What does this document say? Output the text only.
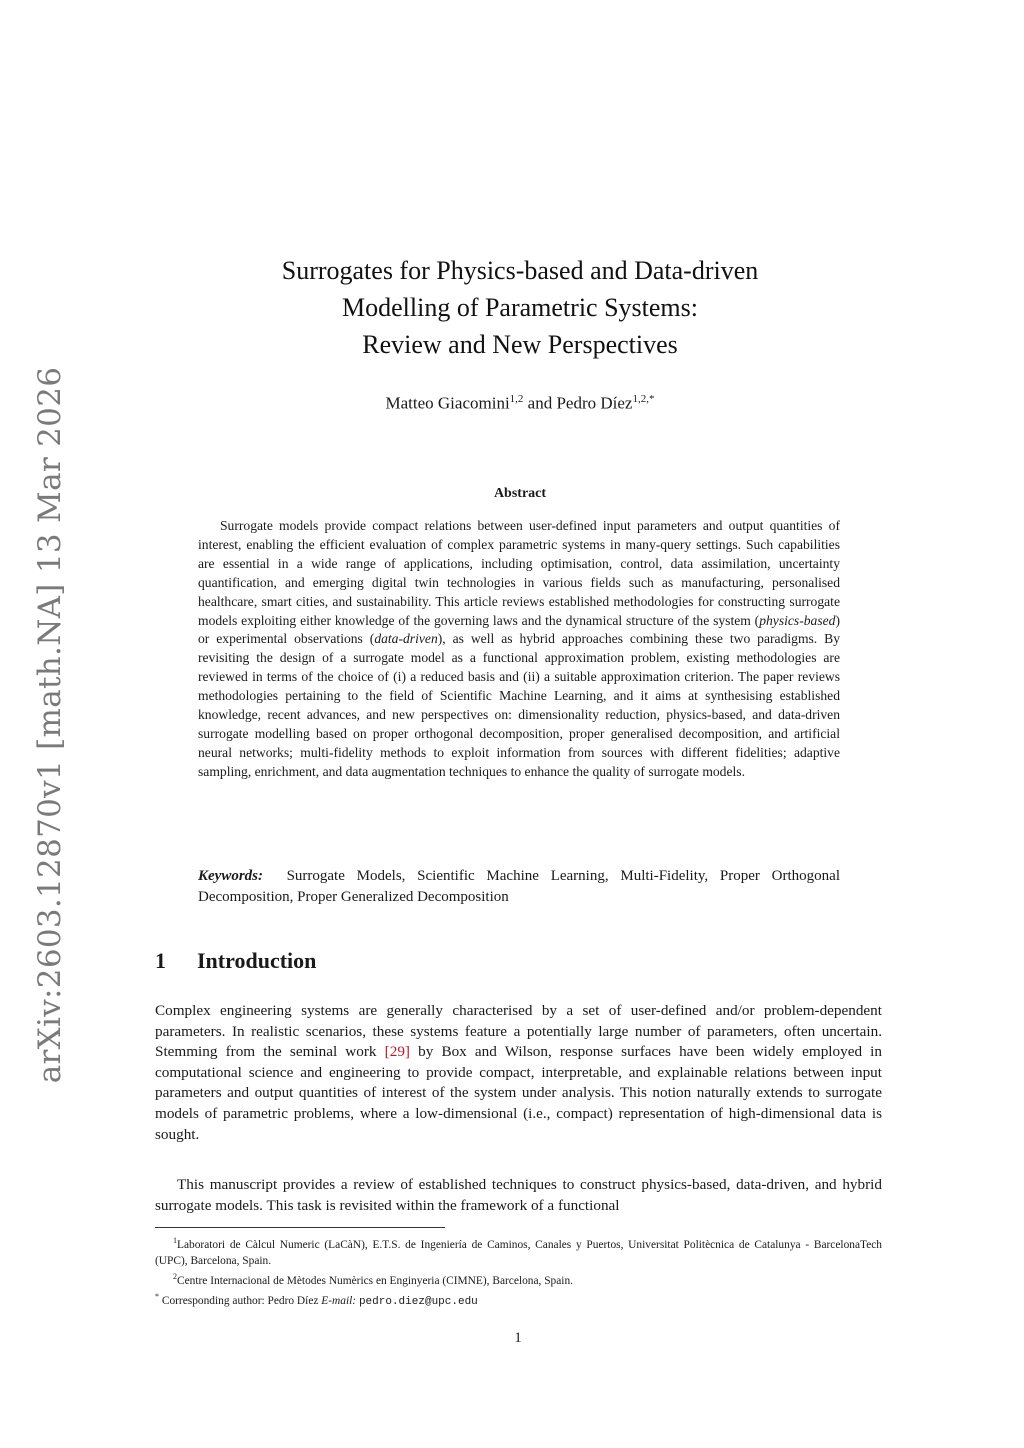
arXiv:2603.12870v1 [math.NA] 13 Mar 2026
Surrogates for Physics-based and Data-driven
Modelling of Parametric Systems:
Review and New Perspectives
Matteo Giacomini$^{1,2}$ and Pedro Díez$^{1,2,*}$
Abstract

Surrogate models provide compact relations between user-defined input parameters and output quantities of interest, enabling the efficient evaluation of complex parametric systems in many-query settings. Such capabilities are essential in a wide range of applications, including optimisation, control, data assimilation, uncertainty quantification, and emerging digital twin technologies in various fields such as manufacturing, personalised healthcare, smart cities, and sustainability. This article reviews established methodologies for constructing surrogate models exploiting either knowledge of the governing laws and the dynamical structure of the system (physics-based) or experimental observations (data-driven), as well as hybrid approaches combining these two paradigms. By revisiting the design of a surrogate model as a functional approximation problem, existing methodologies are reviewed in terms of the choice of (i) a reduced basis and (ii) a suitable approximation criterion. The paper reviews methodologies pertaining to the field of Scientific Machine Learning, and it aims at synthesising established knowledge, recent advances, and new perspectives on: dimensionality reduction, physics-based, and data-driven surrogate modelling based on proper orthogonal decomposition, proper generalised decomposition, and artificial neural networks; multi-fidelity methods to exploit information from sources with different fidelities; adaptive sampling, enrichment, and data augmentation techniques to enhance the quality of surrogate models.

Keywords: Surrogate Models, Scientific Machine Learning, Multi-Fidelity, Proper Orthogonal Decomposition, Proper Generalized Decomposition

1 Introduction

Complex engineering systems are generally characterised by a set of user-defined and/or problem-dependent parameters. In realistic scenarios, these systems feature a potentially large number of parameters, often uncertain. Stemming from the seminal work [29] by Box and Wilson, response surfaces have been widely employed in computational science and engineering to provide compact, interpretable, and explainable relations between input parameters and output quantities of interest of the system under analysis. This notion naturally extends to surrogate models of parametric problems, where a low-dimensional (i.e., compact) representation of high-dimensional data is sought.

This manuscript provides a review of established techniques to construct physics-based, data-driven, and hybrid surrogate models. This task is revisited within the framework of a functional

$^1$Laboratori de Càlcul Numeric (LaCàN), E.T.S. de Ingeniería de Caminos, Canales y Puertos, Universitat Politècnica de Catalunya - BarcelonaTech (UPC), Barcelona, Spain.

$^2$Centre Internacional de Mètodes Numèrics en Enginyeria (CIMNE), Barcelona, Spain.

* Corresponding author: Pedro Díez E-mail: pedro.diez@upc.edu

1
